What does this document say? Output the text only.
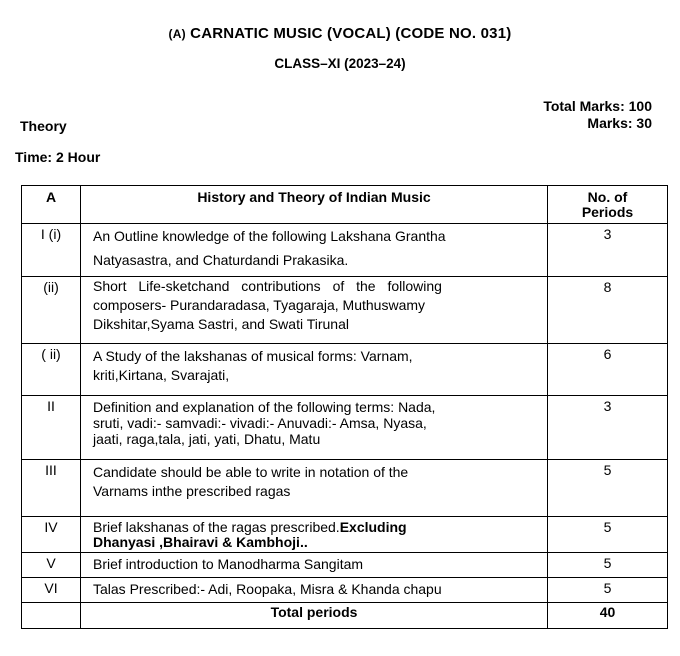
(A) CARNATIC MUSIC (VOCAL) (CODE NO. 031)
CLASS–XI (2023–24)
Total Marks: 100
Marks: 30
Theory
Time: 2 Hour
A	History and Theory of Indian Music	No. of Periods
I (i)	An Outline knowledge of the following Lakshana Grantha
Natyasastra, and Chaturdandi Prakasika.	3
(ii)	Short Life-sketchand contributions of the following
composers- Purandaradasa, Tyagaraja, Muthuswamy
Dikshitar,Syama Sastri, and Swati Tirunal	8
( ii)	A Study of the lakshanas of musical forms: Varnam,
kriti,Kirtana, Svarajati,	6
II	Definition and explanation of the following terms: Nada,
sruti, vadi:- samvadi:- vivadi:- Anuvadi:- Amsa, Nyasa,
jaati, raga,tala, jati, yati, Dhatu, Matu	3
III	Candidate should be able to write in notation of the
Varnams inthe prescribed ragas	5
IV	Brief lakshanas of the ragas prescribed.Excluding
Dhanyasi ,Bhairavi & Kambhoji..	5
V	Brief introduction to Manodharma Sangitam	5
VI	Talas Prescribed:- Adi, Roopaka, Misra & Khanda chapu	5
	Total periods	40
